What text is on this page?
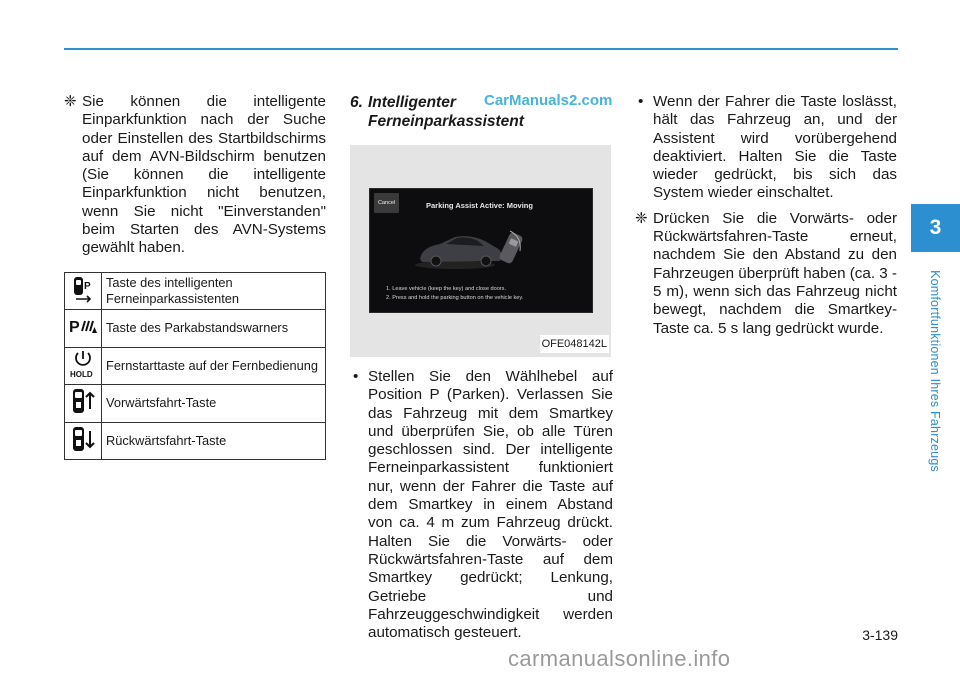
❈ Sie können die intelligente Einparkfunktion nach der Suche oder Einstellen des Startbildschirms auf dem AVN-Bildschirm benutzen (Sie können die intelligente Einparkfunktion nicht benutzen, wenn Sie nicht "Einverstanden" beim Starten des AVN-Systems gewählt haben.
P	Taste des intelligenten Ferneinparkassistenten

P	Taste des Parkabstandswarners

HOLD	Fernstarttaste auf der Fernbedienung
	Vorwärtsfahrt-Taste
	Rückwärtsfahrt-Taste
6. Intelligenter Ferneinparkassistent
Cancel	Parking Assist Active: Moving
1. Leave vehicle (keep the key) and close doors.
2. Press and hold the parking button on the vehicle key.
OFE048142L
• Stellen Sie den Wählhebel auf Position P (Parken). Verlassen Sie das Fahrzeug mit dem Smartkey und überprüfen Sie, ob alle Türen geschlossen sind. Der intelligente Ferneinparkassistent funktioniert nur, wenn der Fahrer die Taste auf dem Smartkey in einem Abstand von ca. 4 m zum Fahrzeug drückt. Halten Sie die Vorwärts- oder Rückwärtsfahren-Taste auf dem Smartkey gedrückt; Lenkung, Getriebe und Fahrzeuggeschwindigkeit werden automatisch gesteuert.
CarManuals2.com • Wenn der Fahrer die Taste loslässt, hält das Fahrzeug an, und der Assistent wird vorübergehend deaktiviert. Halten Sie die Taste wieder gedrückt, bis sich das System wieder einschaltet.
❈ Drücken Sie die Vorwärts- oder Rückwärtsfahren-Taste erneut, nachdem Sie den Abstand zu den Fahrzeugen überprüft haben (ca. 3 - 5 m), wenn sich das Fahrzeug nicht bewegt, nachdem die Smartkey-Taste ca. 5 s lang gedrückt wurde.
3
Komfortfunktionen Ihres Fahrzeugs
3-139
carmanualsonline.info
